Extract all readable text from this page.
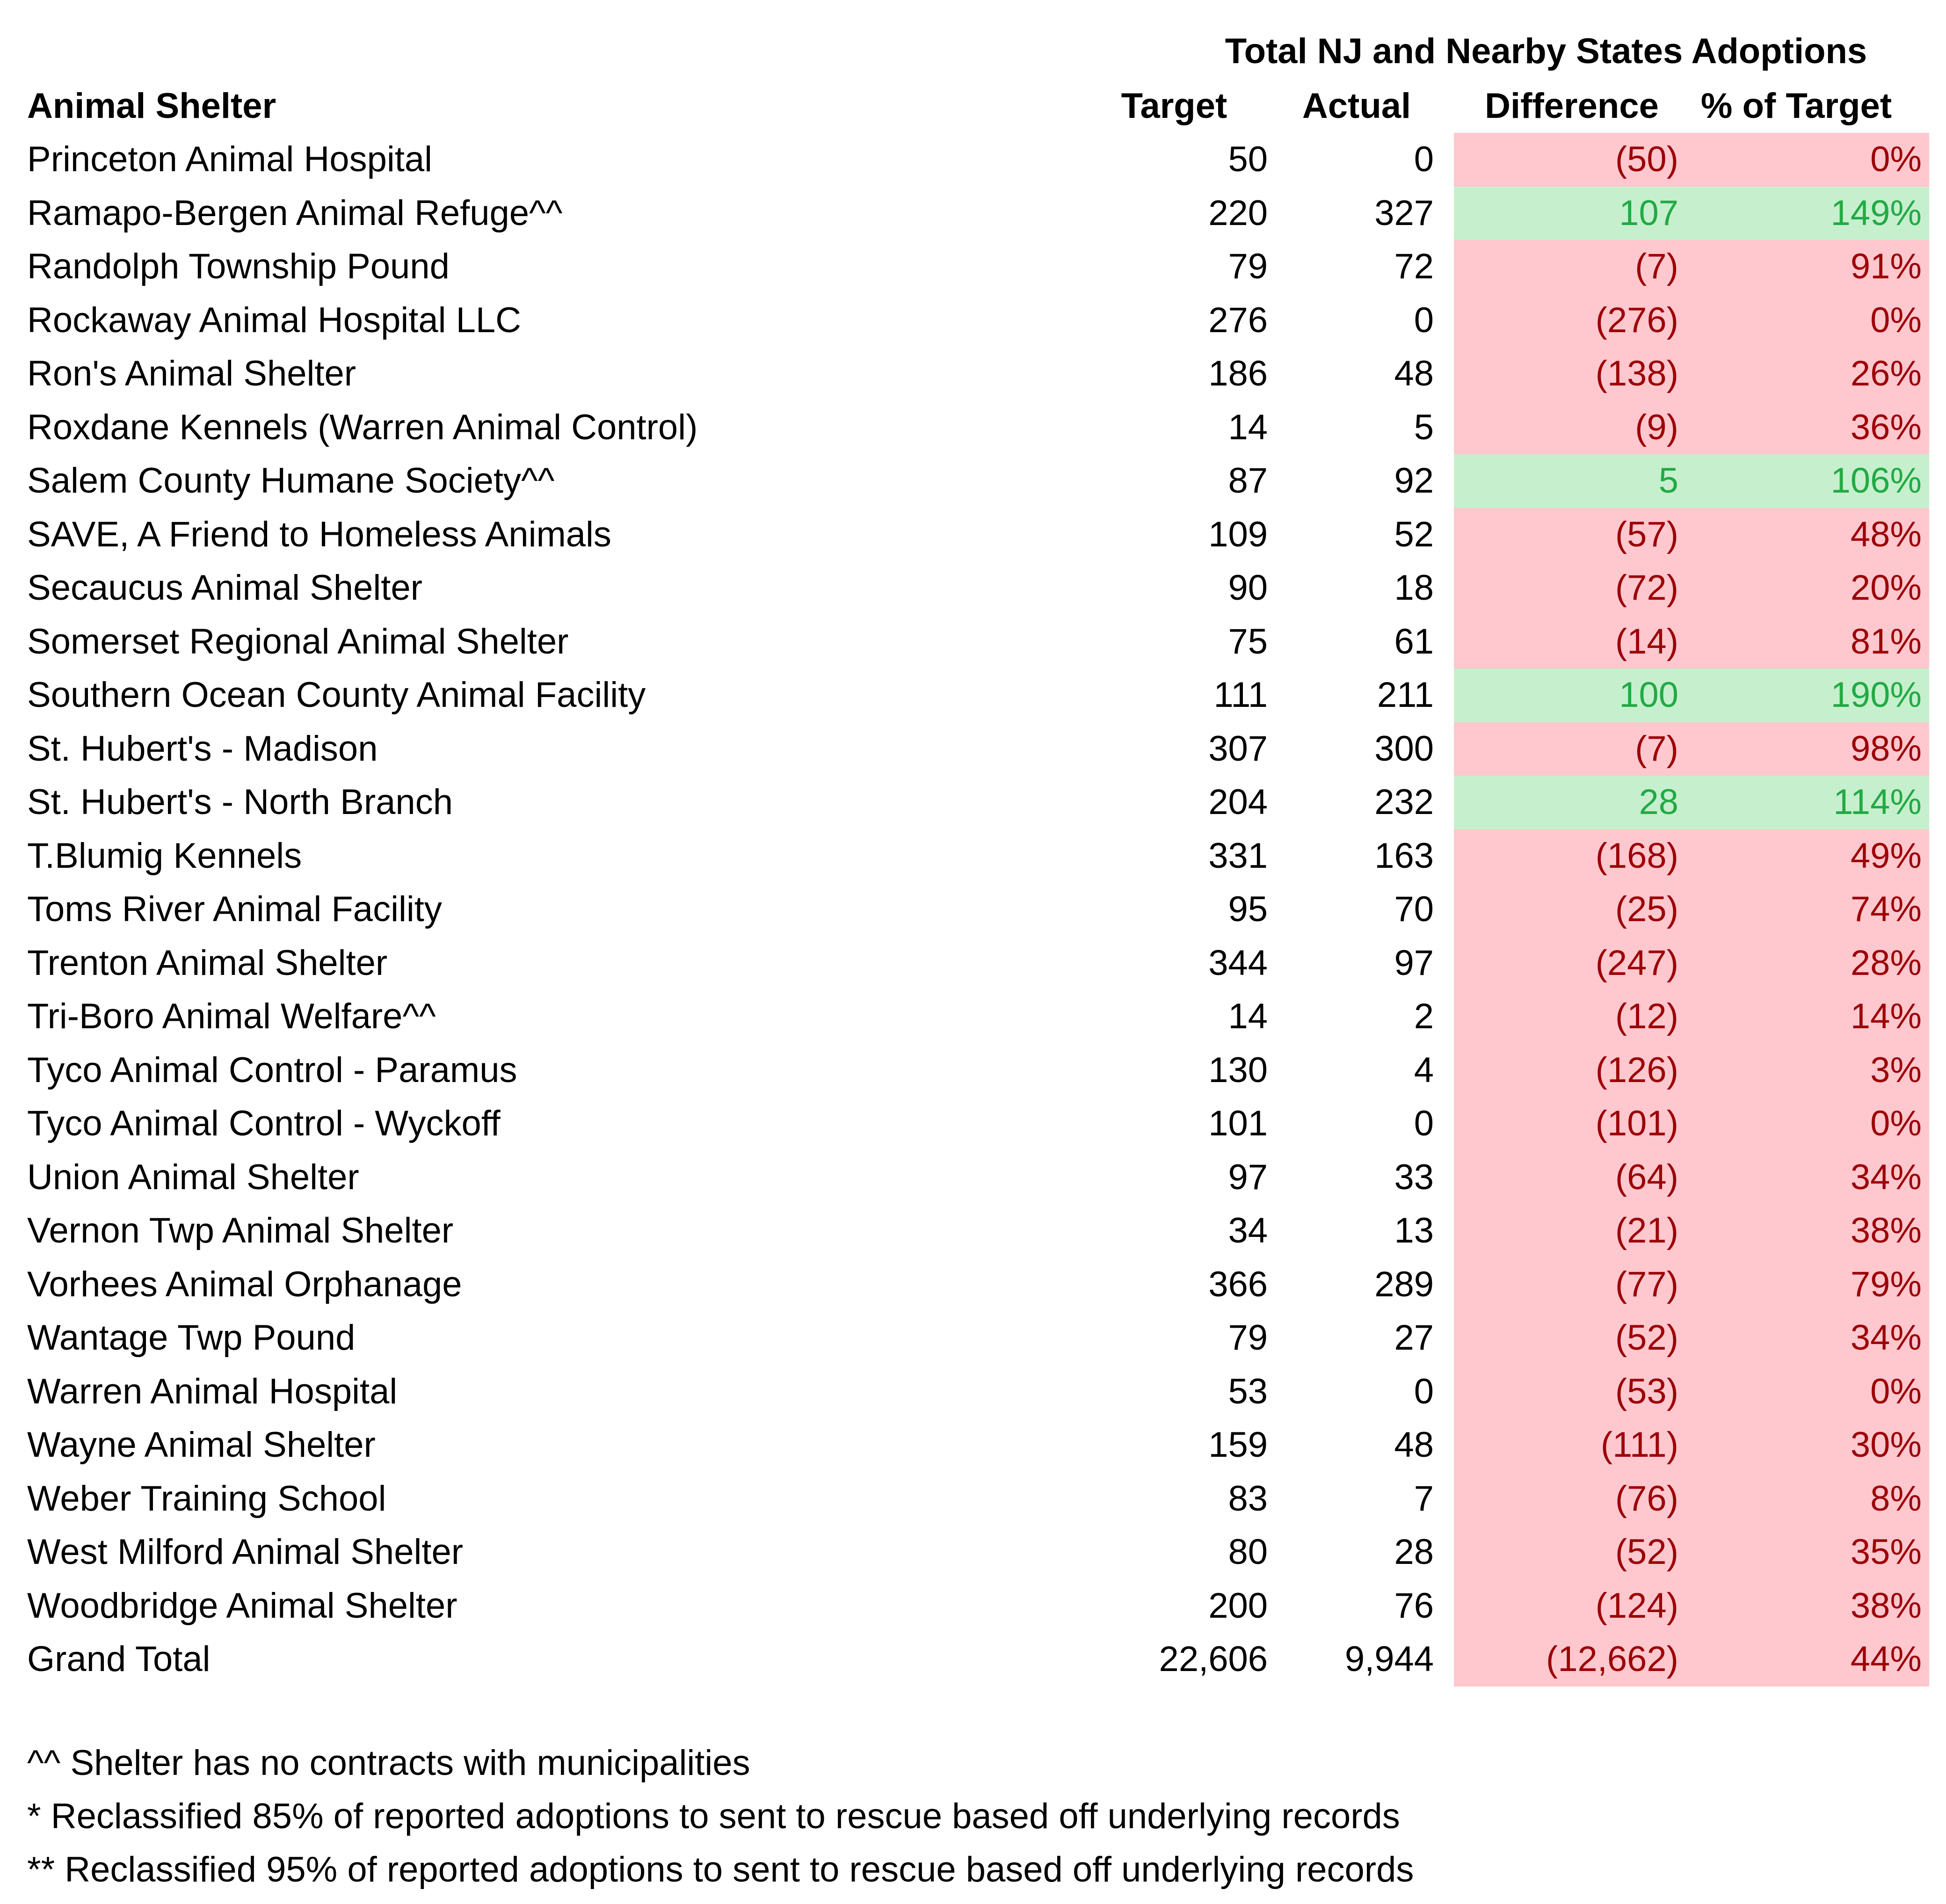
Total NJ and Nearby States Adoptions
Animal Shelter	Target	Actual	Difference	% of Target
Princeton Animal Hospital	50	0	(50)	0%
Ramapo-Bergen Animal Refuge^^	220	327	107	149%
Randolph Township Pound	79	72	(7)	91%
Rockaway Animal Hospital LLC	276	0	(276)	0%
Ron's Animal Shelter	186	48	(138)	26%
Roxdane Kennels (Warren Animal Control)	14	5	(9)	36%
Salem County Humane Society^^	87	92	5	106%
SAVE, A Friend to Homeless Animals	109	52	(57)	48%
Secaucus Animal Shelter	90	18	(72)	20%
Somerset Regional Animal Shelter	75	61	(14)	81%
Southern Ocean County Animal Facility	111	211	100	190%
St. Hubert's - Madison	307	300	(7)	98%
St. Hubert's - North Branch	204	232	28	114%
T.Blumig Kennels	331	163	(168)	49%
Toms River Animal Facility	95	70	(25)	74%
Trenton Animal Shelter	344	97	(247)	28%
Tri-Boro Animal Welfare^^	14	2	(12)	14%
Tyco Animal Control - Paramus	130	4	(126)	3%
Tyco Animal Control - Wyckoff	101	0	(101)	0%
Union Animal Shelter	97	33	(64)	34%
Vernon Twp Animal Shelter	34	13	(21)	38%
Vorhees Animal Orphanage	366	289	(77)	79%
Wantage Twp Pound	79	27	(52)	34%
Warren Animal Hospital	53	0	(53)	0%
Wayne Animal Shelter	159	48	(111)	30%
Weber Training School	83	7	(76)	8%
West Milford Animal Shelter	80	28	(52)	35%
Woodbridge Animal Shelter	200	76	(124)	38%
Grand Total	22,606	9,944	(12,662)	44%
^^ Shelter has no contracts with municipalities
* Reclassified 85% of reported adoptions to sent to rescue based off underlying records
** Reclassified 95% of reported adoptions to sent to rescue based off underlying records
